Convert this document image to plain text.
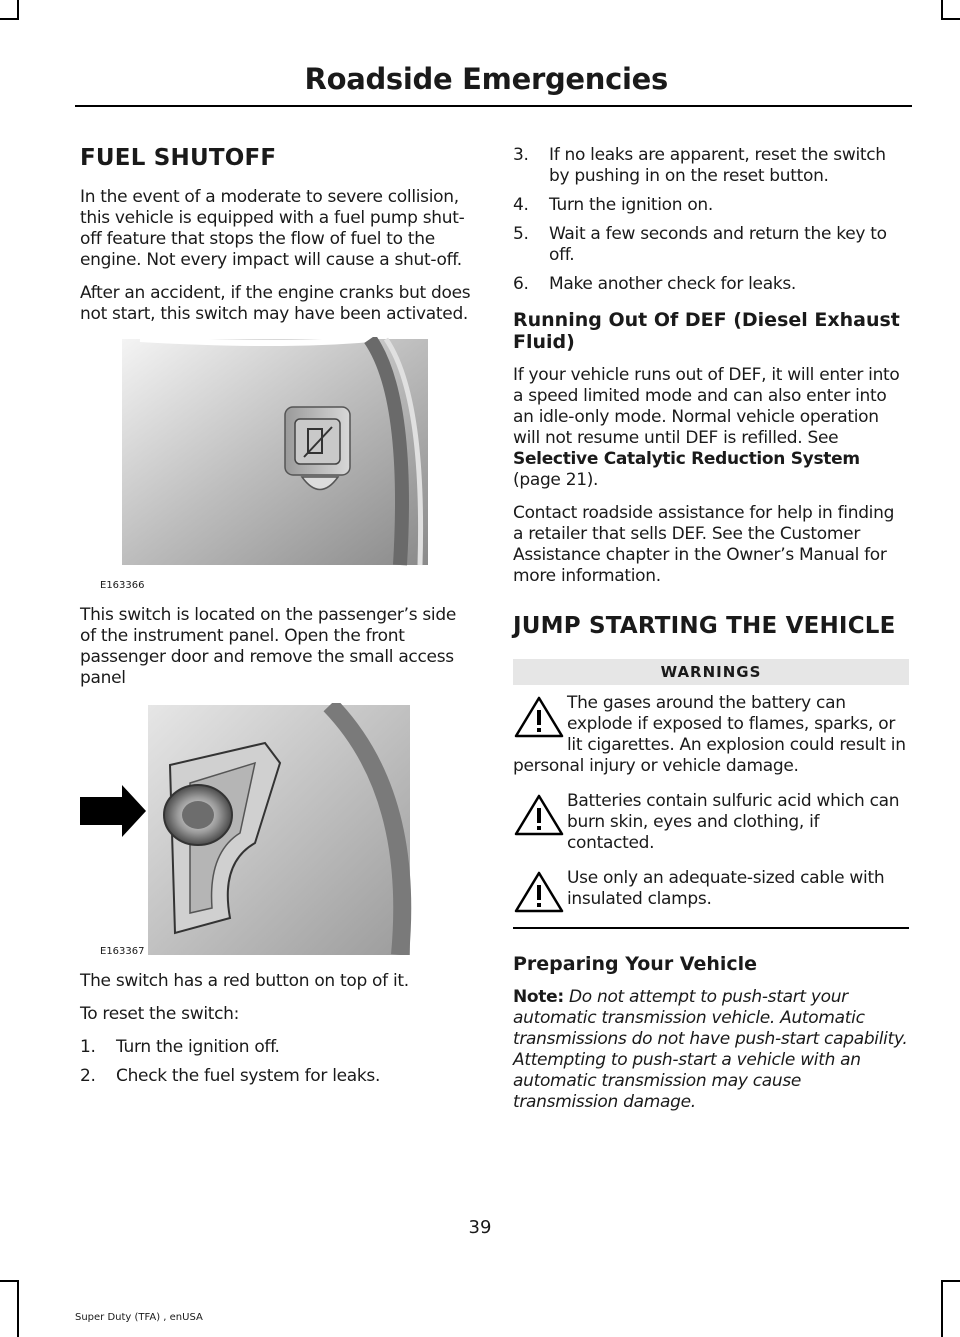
Roadside Emergencies
FUEL SHUTOFF

In the event of a moderate to severe collision, this vehicle is equipped with a fuel pump shut-off feature that stops the flow of fuel to the engine. Not every impact will cause a shut-off.

After an accident, if the engine cranks but does not start, this switch may have been activated.

E163366

This switch is located on the passenger’s side of the instrument panel. Open the front passenger door and remove the small access panel

E163367

The switch has a red button on top of it.

To reset the switch:

1. Turn the ignition off.
2. Check the fuel system for leaks.
3. If no leaks are apparent, reset the switch by pushing in on the reset button.
4. Turn the ignition on.
5. Wait a few seconds and return the key to off.
6. Make another check for leaks.
Running Out Of DEF (Diesel Exhaust Fluid)

If your vehicle runs out of DEF, it will enter into a speed limited mode and can also enter into an idle-only mode. Normal vehicle operation will not resume until DEF is refilled. See Selective Catalytic Reduction System (page 21).

Contact roadside assistance for help in finding a retailer that sells DEF. See the Customer Assistance chapter in the Owner’s Manual for more information.

JUMP STARTING THE VEHICLE
WARNINGS
The gases around the battery can explode if exposed to flames, sparks, or lit cigarettes. An explosion could result in personal injury or vehicle damage.
Batteries contain sulfuric acid which can burn skin, eyes and clothing, if contacted.
Use only an adequate-sized cable with insulated clamps.
Preparing Your Vehicle

Note: Do not attempt to push-start your automatic transmission vehicle. Automatic transmissions do not have push-start capability. Attempting to push-start a vehicle with an automatic transmission may cause transmission damage.

39
Super Duty (TFA) , enUSA
